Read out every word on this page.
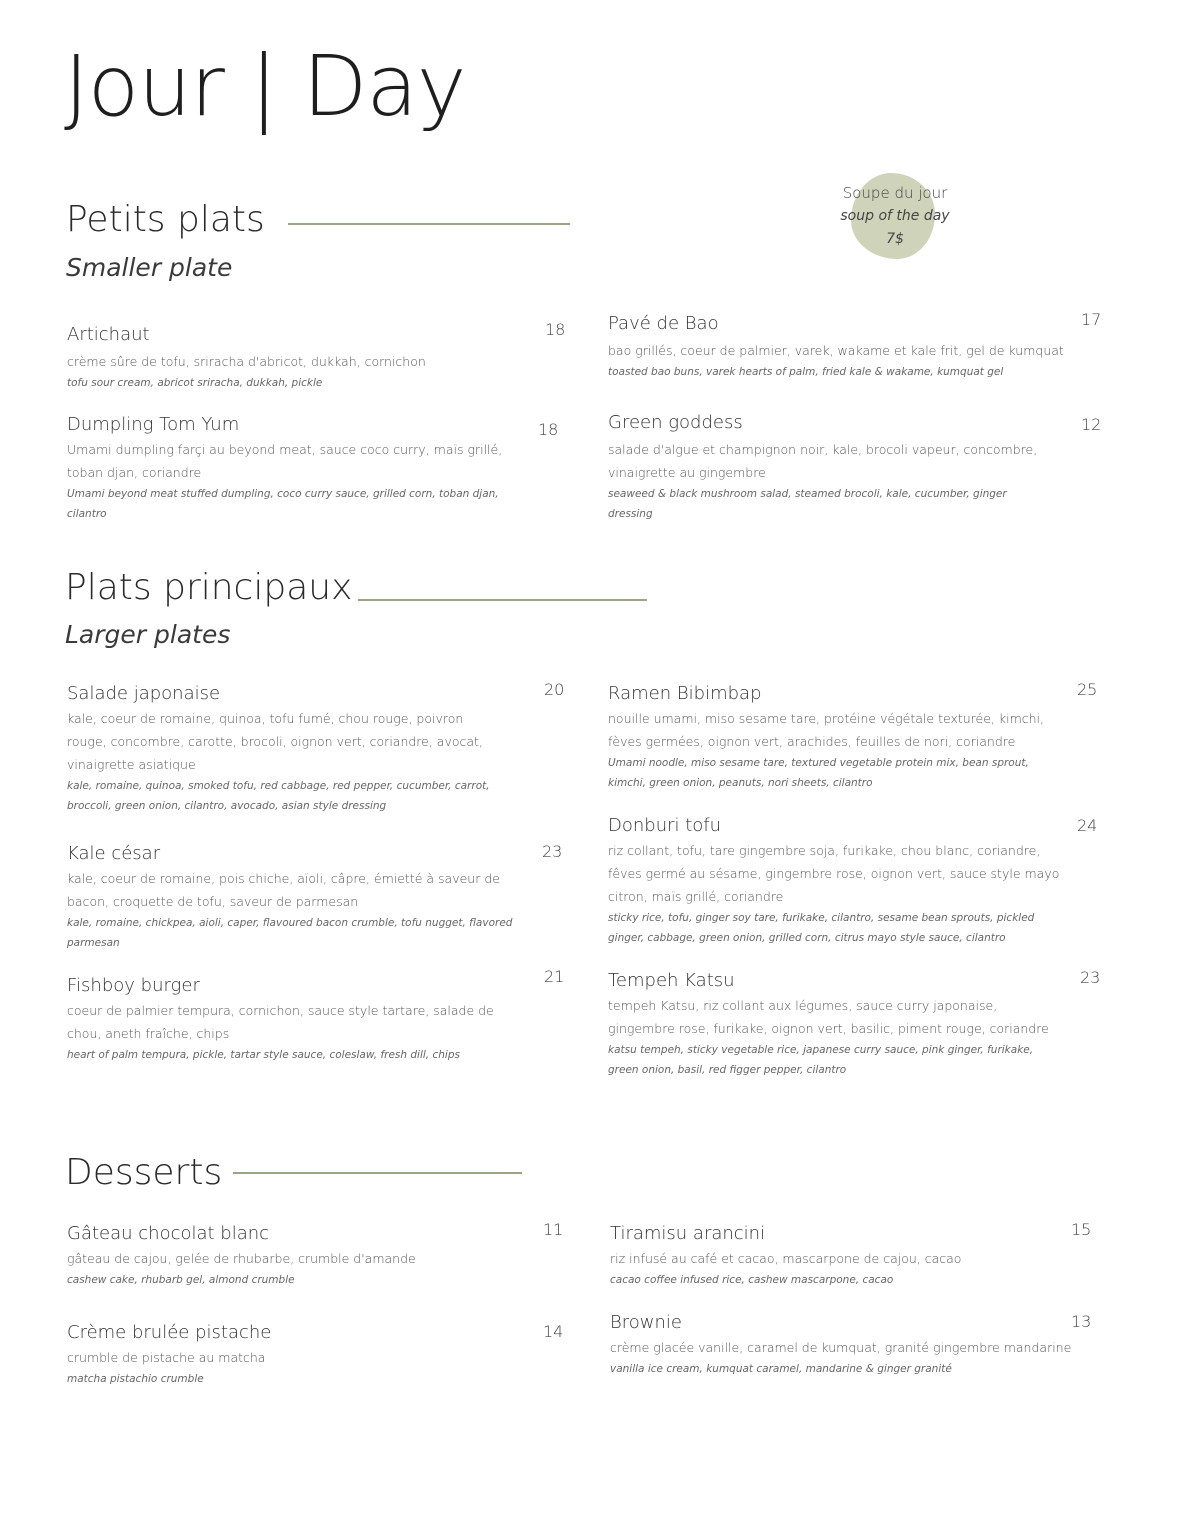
Jour | Day
Soupe du jour
soup of the day
7$
Petits plats
Smaller plate
Artichaut
crème sûre de tofu, sriracha d'abricot, dukkah, cornichon
tofu sour cream, abricot sriracha, dukkah, pickle
18
Dumpling Tom Yum
Umami dumpling farçi au beyond meat, sauce coco curry, maïs grillé, toban djan, coriandre
Umami beyond meat stuffed dumpling, coco curry sauce, grilled corn, toban djan, cilantro
18
Pavé de Bao
bao grillés, coeur de palmier, varek, wakame et kale frit, gel de kumquat
toasted bao buns, varek hearts of palm, fried kale & wakame, kumquat gel
17
Green goddess
salade d'algue et champignon noir, kale, brocoli vapeur, concombre, vinaigrette au gingembre
seaweed & black mushroom salad, steamed brocoli, kale, cucumber, ginger dressing
12
Plats principaux
Larger plates
Salade japonaise
kale, coeur de romaine, quinoa, tofu fumé, chou rouge, poivron rouge, concombre, carotte, brocoli, oignon vert, coriandre, avocat, vinaigrette asiatique
kale, romaine, quinoa, smoked tofu, red cabbage, red pepper, cucumber, carrot, broccoli, green onion, cilantro, avocado, asian style dressing
20
Kale césar
kale, coeur de romaine, pois chiche, aïoli, câpre, émietté à saveur de bacon, croquette de tofu, saveur de parmesan
kale, romaine, chickpea, aioli, caper, flavoured bacon crumble, tofu nugget, flavored parmesan
23
Fishboy burger
coeur de palmier tempura, cornichon, sauce style tartare, salade de chou, aneth fraîche, chips
heart of palm tempura, pickle, tartar style sauce, coleslaw, fresh dill, chips
21
Ramen Bibimbap
nouille umami, miso sesame tare, protéine végétale texturée, kimchi, fèves germées, oignon vert, arachides, feuilles de nori, coriandre
Umami noodle, miso sesame tare, textured vegetable protein mix, bean sprout, kimchi, green onion, peanuts, nori sheets, cilantro
25
Donburi tofu
riz collant, tofu, tare gingembre soja, furikake, chou blanc, coriandre, fêves germé au sésame, gingembre rose, oignon vert, sauce style mayo citron, maïs grillé, coriandre
sticky rice, tofu, ginger soy tare, furikake, cilantro, sesame bean sprouts, pickled ginger, cabbage, green onion, grilled corn, citrus mayo style sauce, cilantro
24
Tempeh Katsu
tempeh Katsu, riz collant aux légumes, sauce curry japonaise, gingembre rose, furikake, oignon vert, basilic, piment rouge, coriandre
katsu tempeh, sticky vegetable rice, japanese curry sauce, pink ginger, furikake, green onion, basil, red figger pepper, cilantro
23
Desserts
Gâteau chocolat blanc
gâteau de cajou, gelée de rhubarbe, crumble d'amande
cashew cake, rhubarb gel, almond crumble
11
Crème brulée pistache
crumble de pistache au matcha
matcha pistachio crumble
14
Tiramisu arancini
riz infusé au café et cacao, mascarpone de cajou, cacao
cacao coffee infused rice, cashew mascarpone, cacao
15
Brownie
crème glacée vanille, caramel de kumquat, granité gingembre mandarine
vanilla ice cream, kumquat caramel, mandarine & ginger granité
13
